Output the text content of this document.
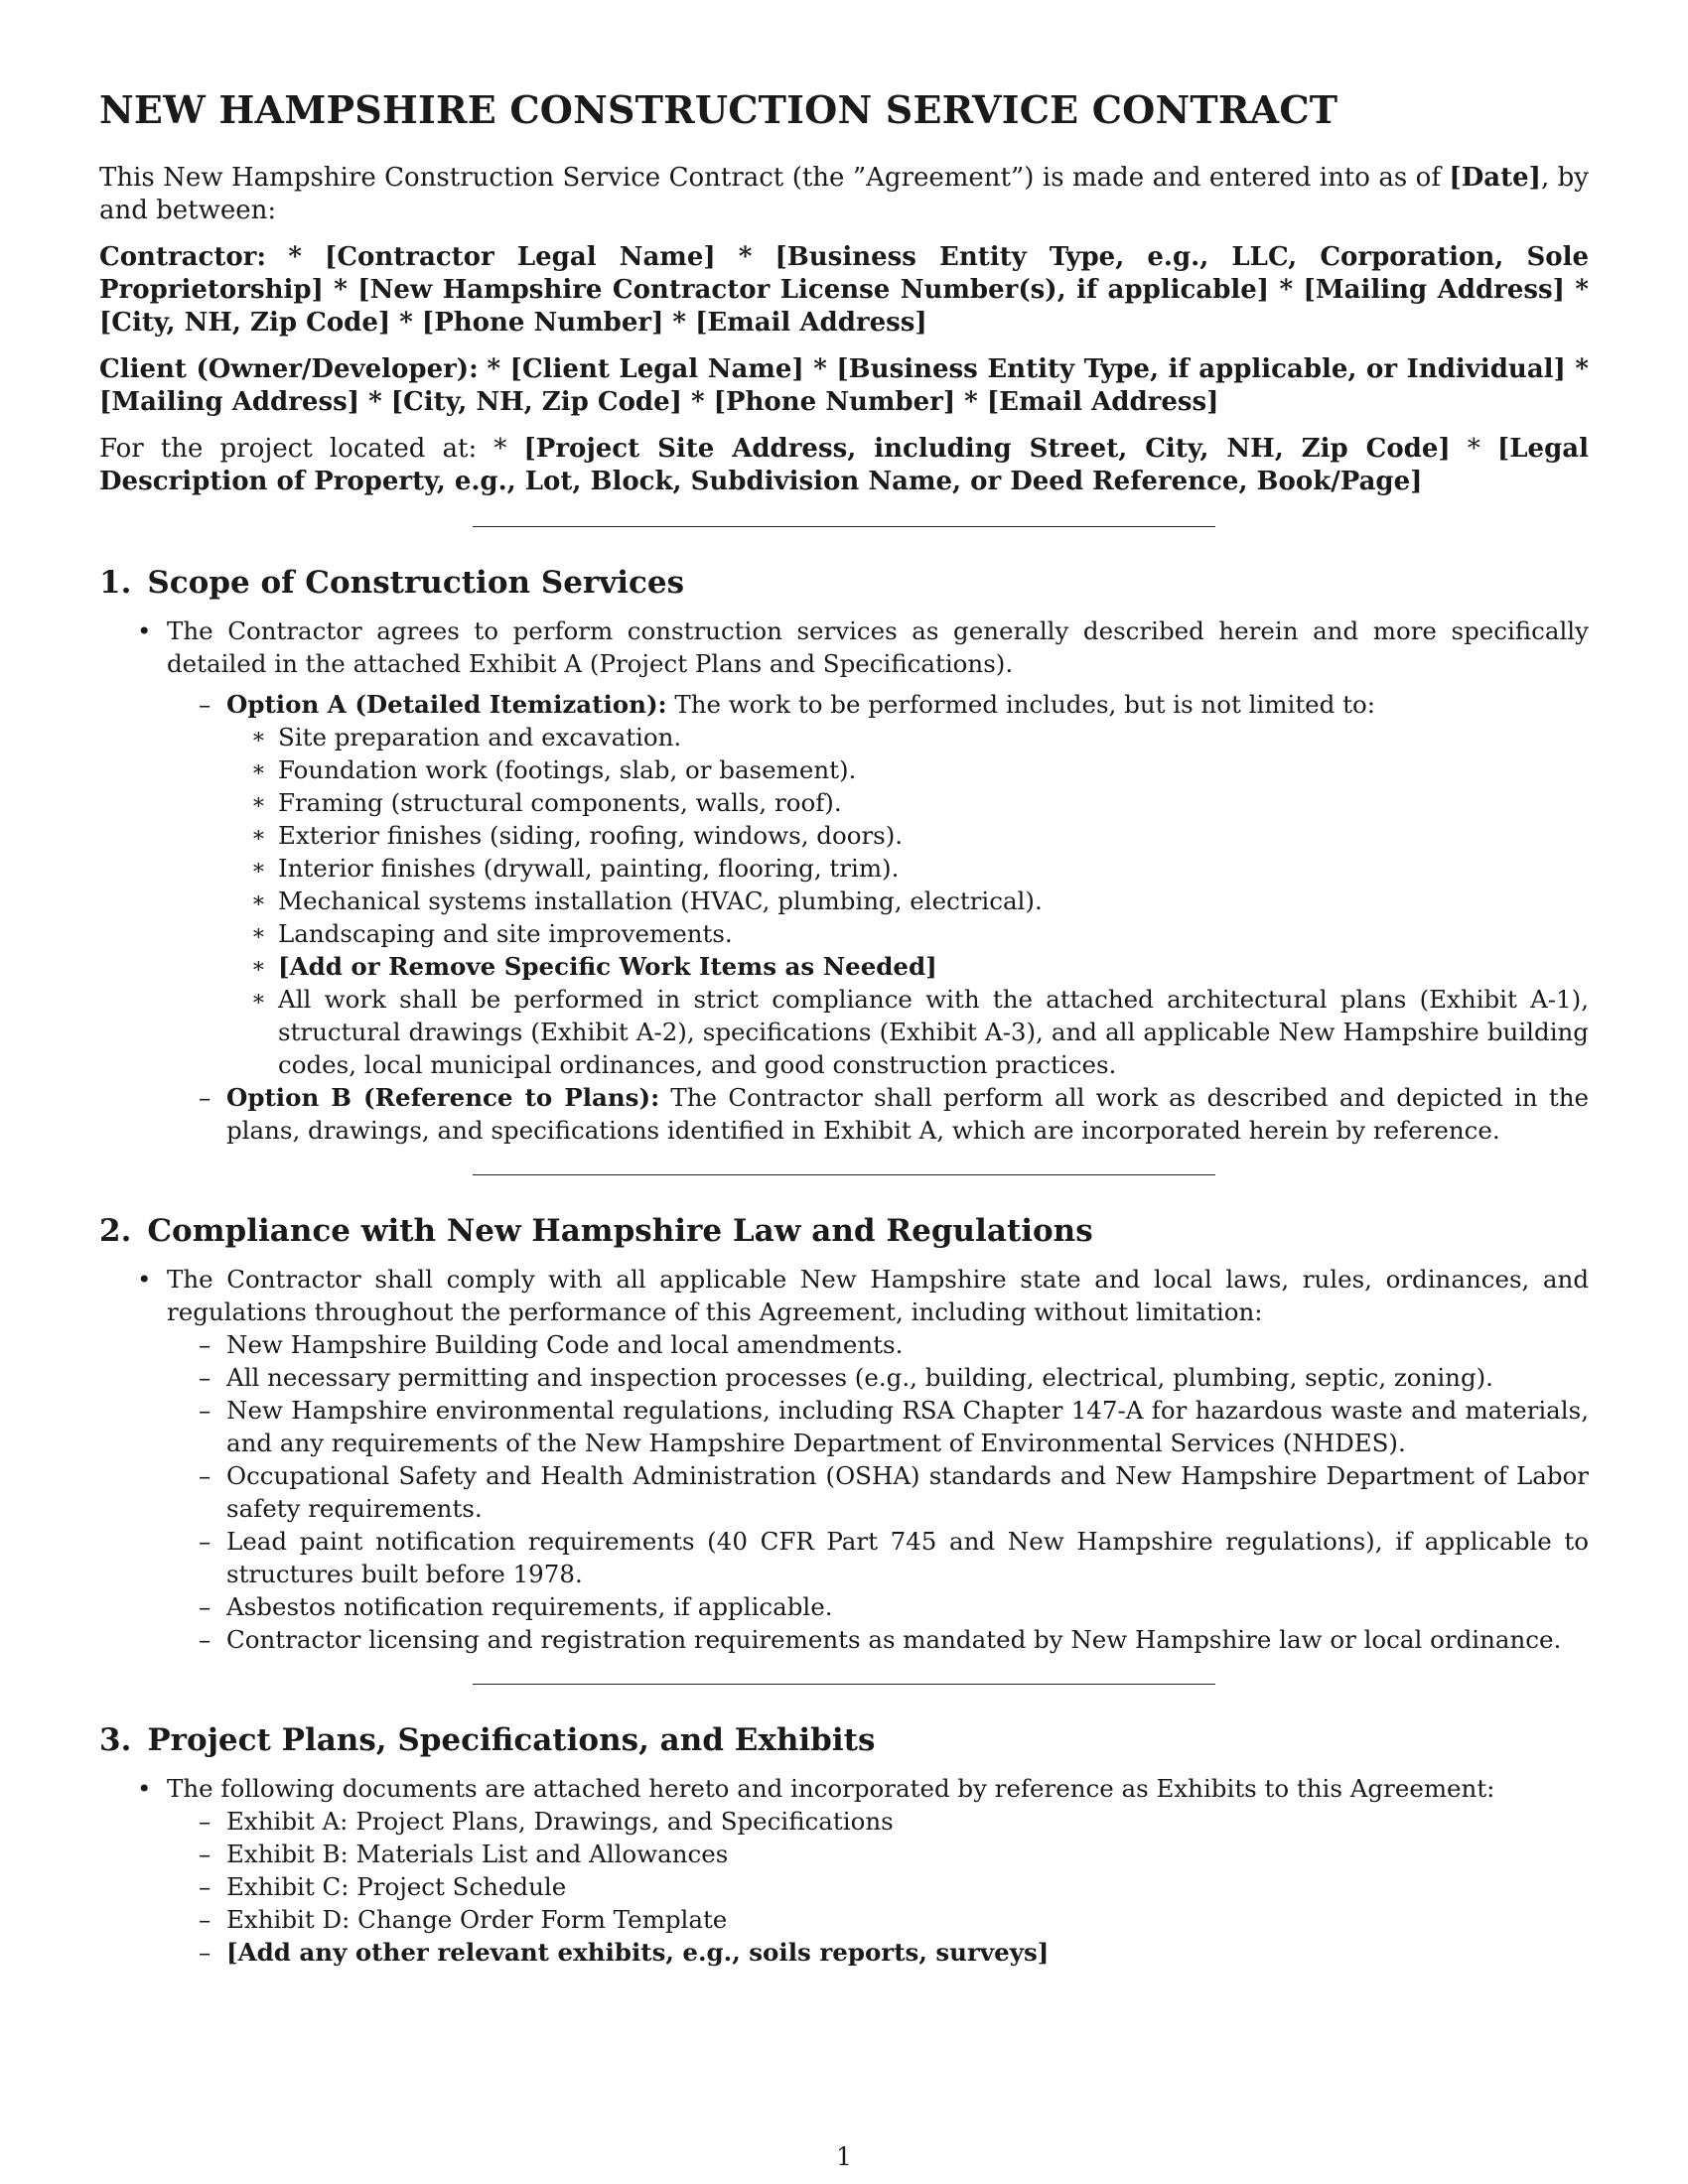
NEW HAMPSHIRE CONSTRUCTION SERVICE CONTRACT

This New Hampshire Construction Service Contract (the ”Agreement”) is made and entered into as of [Date], by and between:

Contractor: * [Contractor Legal Name] * [Business Entity Type, e.g., LLC, Corporation, Sole Proprietorship] * [New Hampshire Contractor License Number(s), if applicable] * [Mailing Address] * [City, NH, Zip Code] * [Phone Number] * [Email Address]

Client (Owner/Developer): * [Client Legal Name] * [Business Entity Type, if applicable, or Individual] * [Mailing Address] * [City, NH, Zip Code] * [Phone Number] * [Email Address]

For the project located at: * [Project Site Address, including Street, City, NH, Zip Code] * [Legal Description of Property, e.g., Lot, Block, Subdivision Name, or Deed Reference, Book/Page]

1. Scope of Construction Services
• The Contractor agrees to perform construction services as generally described herein and more specifically detailed in the attached Exhibit A (Project Plans and Specifications).
– Option A (Detailed Itemization): The work to be performed includes, but is not limited to:
∗ Site preparation and excavation.
∗ Foundation work (footings, slab, or basement).
∗ Framing (structural components, walls, roof).
∗ Exterior finishes (siding, roofing, windows, doors).
∗ Interior finishes (drywall, painting, flooring, trim).
∗ Mechanical systems installation (HVAC, plumbing, electrical).
∗ Landscaping and site improvements.
∗ [Add or Remove Specific Work Items as Needed]
∗ All work shall be performed in strict compliance with the attached architectural plans (Exhibit A-1), structural drawings (Exhibit A-2), specifications (Exhibit A-3), and all applicable New Hampshire building codes, local municipal ordinances, and good construction practices.
– Option B (Reference to Plans): The Contractor shall perform all work as described and depicted in the plans, drawings, and specifications identified in Exhibit A, which are incorporated herein by reference.
2. Compliance with New Hampshire Law and Regulations
• The Contractor shall comply with all applicable New Hampshire state and local laws, rules, ordinances, and regulations throughout the performance of this Agreement, including without limitation:
– New Hampshire Building Code and local amendments.
– All necessary permitting and inspection processes (e.g., building, electrical, plumbing, septic, zoning).
– New Hampshire environmental regulations, including RSA Chapter 147-A for hazardous waste and materials, and any requirements of the New Hampshire Department of Environmental Services (NHDES).
– Occupational Safety and Health Administration (OSHA) standards and New Hampshire Department of Labor safety requirements.
– Lead paint notification requirements (40 CFR Part 745 and New Hampshire regulations), if applicable to structures built before 1978.
– Asbestos notification requirements, if applicable.
– Contractor licensing and registration requirements as mandated by New Hampshire law or local ordinance.
3. Project Plans, Specifications, and Exhibits
• The following documents are attached hereto and incorporated by reference as Exhibits to this Agreement:
– Exhibit A: Project Plans, Drawings, and Specifications
– Exhibit B: Materials List and Allowances
– Exhibit C: Project Schedule
– Exhibit D: Change Order Form Template
– [Add any other relevant exhibits, e.g., soils reports, surveys]
1
